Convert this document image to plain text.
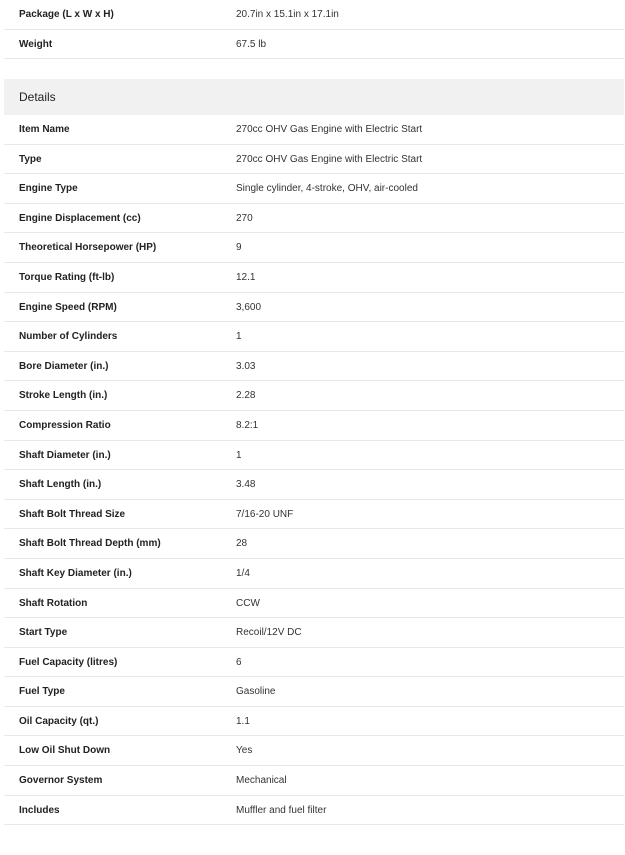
Package (L x W x H)	20.7in x 15.1in x 17.1in
Weight	67.5 lb
Details
Item Name	270cc OHV Gas Engine with Electric Start
Type	270cc OHV Gas Engine with Electric Start
Engine Type	Single cylinder, 4-stroke, OHV, air-cooled
Engine Displacement (cc)	270
Theoretical Horsepower (HP)	9
Torque Rating (ft-lb)	12.1
Engine Speed (RPM)	3,600
Number of Cylinders	1
Bore Diameter (in.)	3.03
Stroke Length (in.)	2.28
Compression Ratio	8.2:1
Shaft Diameter (in.)	1
Shaft Length (in.)	3.48
Shaft Bolt Thread Size	7/16-20 UNF
Shaft Bolt Thread Depth (mm)	28
Shaft Key Diameter (in.)	1/4
Shaft Rotation	CCW
Start Type	Recoil/12V DC
Fuel Capacity (litres)	6
Fuel Type	Gasoline
Oil Capacity (qt.)	1.1
Low Oil Shut Down	Yes
Governor System	Mechanical
Includes	Muffler and fuel filter
